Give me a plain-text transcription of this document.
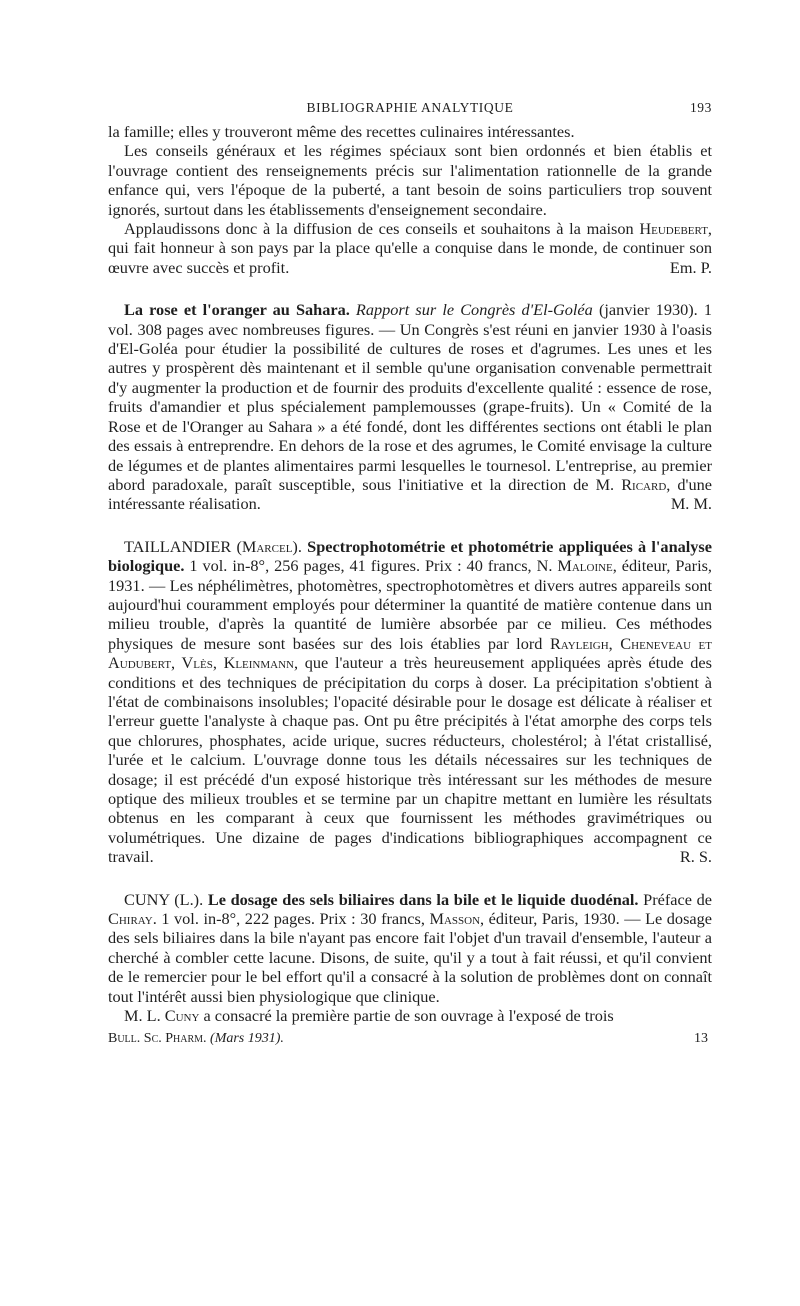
BIBLIOGRAPHIE ANALYTIQUE	193

la famille; elles y trouveront même des recettes culinaires intéressantes.

Les conseils généraux et les régimes spéciaux sont bien ordonnés et bien établis et l'ouvrage contient des renseignements précis sur l'alimentation rationnelle de la grande enfance qui, vers l'époque de la puberté, a tant besoin de soins particuliers trop souvent ignorés, surtout dans les établissements d'enseignement secondaire.

Applaudissons donc à la diffusion de ces conseils et souhaitons à la maison Heudebert, qui fait honneur à son pays par la place qu'elle a conquise dans le monde, de continuer son œuvre avec succès et profit.	Em. P.

La rose et l'oranger au Sahara. Rapport sur le Congrès d'El-Goléa (janvier 1930). 1 vol. 308 pages avec nombreuses figures. — Un Congrès s'est réuni en janvier 1930 à l'oasis d'El-Goléa pour étudier la possibilité de cultures de roses et d'agrumes. Les unes et les autres y prospèrent dès maintenant et il semble qu'une organisation convenable permettrait d'y augmenter la production et de fournir des produits d'excellente qualité : essence de rose, fruits d'amandier et plus spécialement pamplemousses (grape-fruits). Un « Comité de la Rose et de l'Oranger au Sahara » a été fondé, dont les différentes sections ont établi le plan des essais à entreprendre. En dehors de la rose et des agrumes, le Comité envisage la culture de légumes et de plantes alimentaires parmi lesquelles le tournesol. L'entreprise, au premier abord paradoxale, paraît susceptible, sous l'initiative et la direction de M. Ricard, d'une intéressante réalisation.	M. M.

TAILLANDIER (Marcel). Spectrophotométrie et photométrie appliquées à l'analyse biologique. 1 vol. in-8°, 256 pages, 41 figures. Prix : 40 francs, N. Maloine, éditeur, Paris, 1931. — Les néphélimètres, photomètres, spectrophotomètres et divers autres appareils sont aujourd'hui couramment employés pour déterminer la quantité de matière contenue dans un milieu trouble, d'après la quantité de lumière absorbée par ce milieu. Ces méthodes physiques de mesure sont basées sur des lois établies par lord Rayleigh, Cheneveau et Audubert, Vlès, Kleinmann, que l'auteur a très heureusement appliquées après étude des conditions et des techniques de précipitation du corps à doser. La précipitation s'obtient à l'état de combinaisons insolubles; l'opacité désirable pour le dosage est délicate à réaliser et l'erreur guette l'analyste à chaque pas. Ont pu être précipités à l'état amorphe des corps tels que chlorures, phosphates, acide urique, sucres réducteurs, cholestérol; à l'état cristallisé, l'urée et le calcium. L'ouvrage donne tous les détails nécessaires sur les techniques de dosage; il est précédé d'un exposé historique très intéressant sur les méthodes de mesure optique des milieux troubles et se termine par un chapitre mettant en lumière les résultats obtenus en les comparant à ceux que fournissent les méthodes gravimétriques ou volumétriques. Une dizaine de pages d'indications bibliographiques accompagnent ce travail.	R. S.

CUNY (L.). Le dosage des sels biliaires dans la bile et le liquide duodénal. Préface de Chiray. 1 vol. in-8°, 222 pages. Prix : 30 francs, Masson, éditeur, Paris, 1930. — Le dosage des sels biliaires dans la bile n'ayant pas encore fait l'objet d'un travail d'ensemble, l'auteur a cherché à combler cette lacune. Disons, de suite, qu'il y a tout à fait réussi, et qu'il convient de le remercier pour le bel effort qu'il a consacré à la solution de problèmes dont on connaît tout l'intérêt aussi bien physiologique que clinique.

M. L. Cuny a consacré la première partie de son ouvrage à l'exposé de trois

Bull. Sc. Pharm. (Mars 1931).	13
